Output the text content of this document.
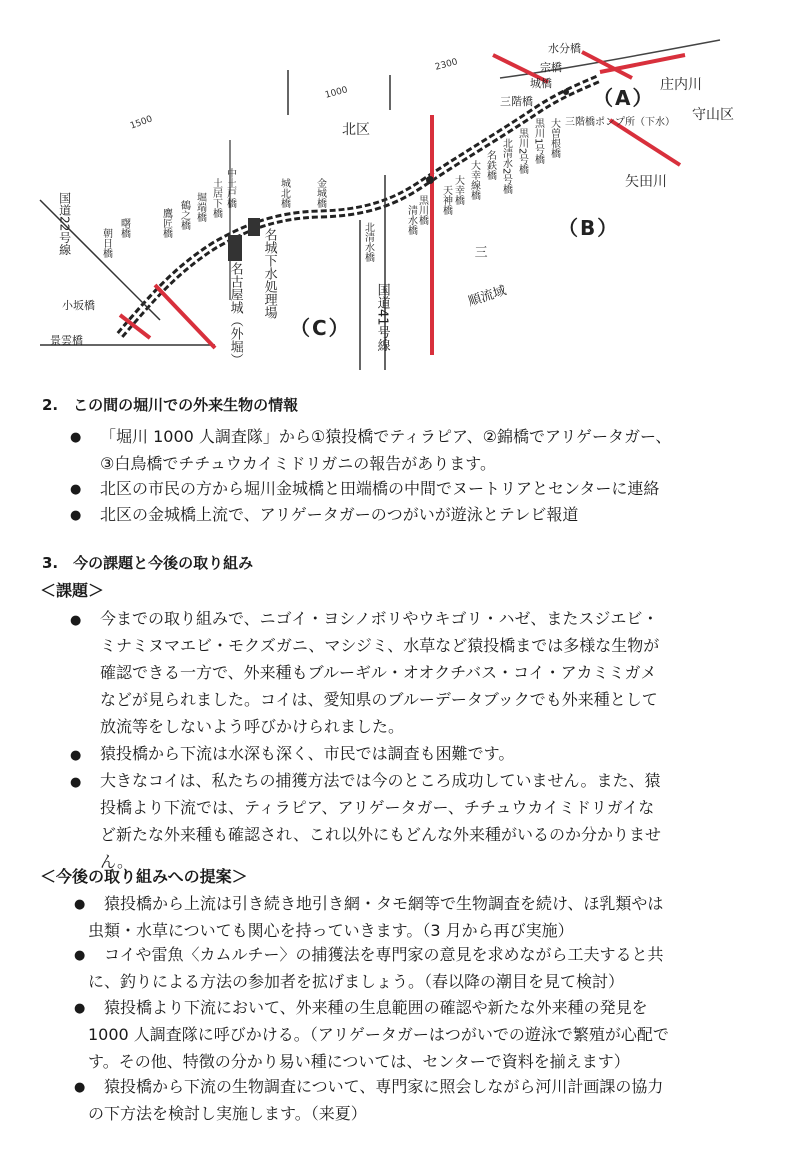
水分橋
宗橋
城橋
三階橋
三階橋ポンプ所（下水）
庄内川
守山区
矢田川
北区
（A）
（B）
（C）
景雲橋
小坂橋
1500
1000
2300
国道22号線
国道41号線
名古屋城（外堀） 名城下水処理場	北清水橋	三
順流域
金城橋
城北橋
清水橋 黒川橋 天神橋 大幸橋
朝日橋 曙橋	鷹匠橋 鶴之橋 堀端橋 土居下橋 中土戸橋	大幸線橋 名鉄橋 北清水2号橋 黒川2号橋 黒川1号橋 大曽根橋
2.　この間の堀川での外来生物の情報
● 「堀川 1000 人調査隊」から①猿投橋でティラピア、②錦橋でアリゲータガー、
③白鳥橋でチチュウカイミドリガニの報告があります。
● 北区の市民の方から堀川金城橋と田端橋の中間でヌートリアとセンターに連絡
● 北区の金城橋上流で、アリゲータガーのつがいが遊泳とテレビ報道
3.　今の課題と今後の取り組み
＜課題＞
● 今までの取り組みで、ニゴイ・ヨシノボリやウキゴリ・ハゼ、またスジエビ・
ミナミヌマエビ・モクズガニ、マシジミ、水草など猿投橋までは多様な生物が
確認できる一方で、外来種もブルーギル・オオクチバス・コイ・アカミミガメ
などが見られました。コイは、愛知県のブルーデータブックでも外来種として
放流等をしないよう呼びかけられました。
● 猿投橋から下流は水深も深く、市民では調査も困難です。
● 大きなコイは、私たちの捕獲方法では今のところ成功していません。また、猿
投橋より下流では、ティラピア、アリゲータガー、チチュウカイミドリガイな
ど新たな外来種も確認され、これ以外にもどんな外来種がいるのか分かりませ
ん。
＜今後の取り組みへの提案＞
● 猿投橋から上流は引き続き地引き網・タモ網等で生物調査を続け、ほ乳類やは
虫類・水草についても関心を持っていきます。（3 月から再び実施）
● コイや雷魚〈カムルチー〉の捕獲法を専門家の意見を求めながら工夫すると共
に、釣りによる方法の参加者を拡げましょう。（春以降の潮目を見て検討）
● 猿投橋より下流において、外来種の生息範囲の確認や新たな外来種の発見を
1000 人調査隊に呼びかける。（アリゲータガーはつがいでの遊泳で繁殖が心配で
す。その他、特徴の分かり易い種については、センターで資料を揃えます）
● 猿投橋から下流の生物調査について、専門家に照会しながら河川計画課の協力
の下方法を検討し実施します。（来夏）
